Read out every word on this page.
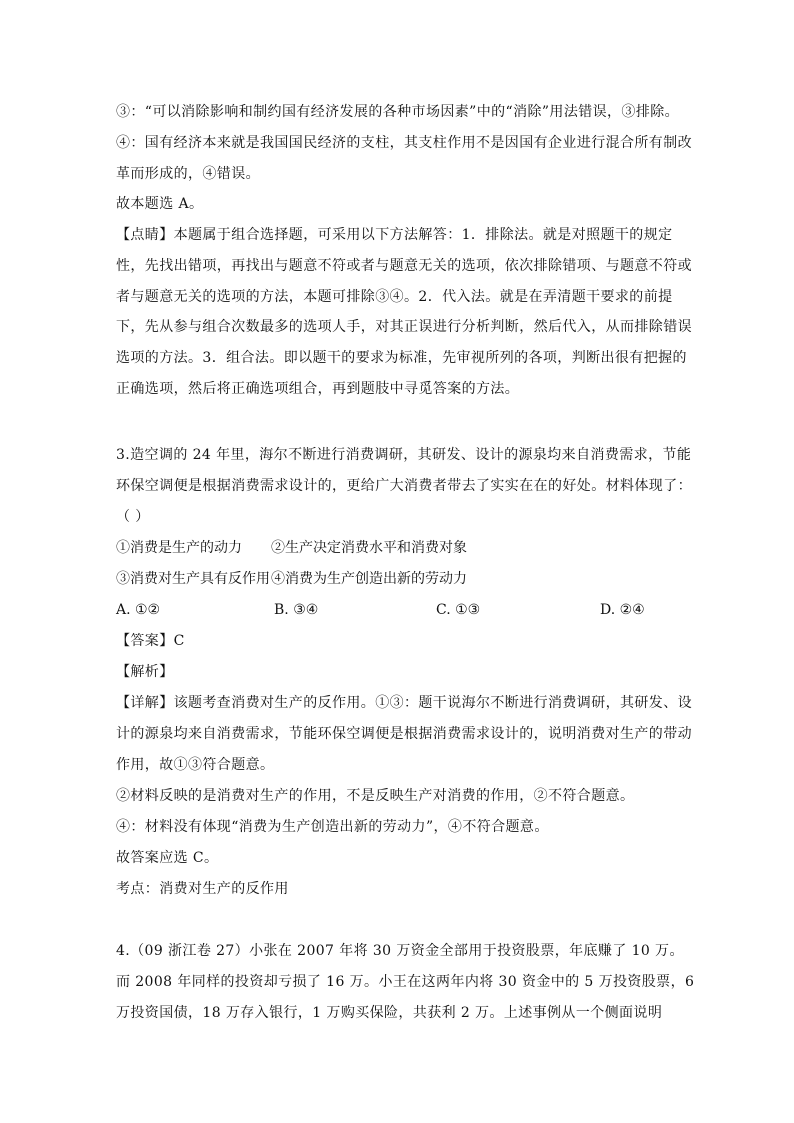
③：“可以消除影响和制约国有经济发展的各种市场因素”中的“消除”用法错误，③排除。
④：国有经济本来就是我国国民经济的支柱，其支柱作用不是因国有企业进行混合所有制改革而形成的，④错误。
故本题选 A。
【点睛】本题属于组合选择题，可采用以下方法解答：1．排除法。就是对照题干的规定性，先找出错项，再找出与题意不符或者与题意无关的选项，依次排除错项、与题意不符或者与题意无关的选项的方法，本题可排除③④。2．代入法。就是在弄清题干要求的前提下，先从参与组合次数最多的选项人手，对其正误进行分析判断，然后代入，从而排除错误选项的方法。3．组合法。即以题干的要求为标准，先审视所列的各项，判断出很有把握的正确选项，然后将正确选项组合，再到题肢中寻觅答案的方法。
3.造空调的 24 年里，海尔不断进行消费调研，其研发、设计的源泉均来自消费需求，节能环保空调便是根据消费需求设计的，更给广大消费者带去了实实在在的好处。材料体现了：
（ ）
①消费是生产的动力 ②生产决定消费水平和消费对象
③消费对生产具有反作用 ④消费为生产创造出新的劳动力
A. ①②	B. ③④	C. ①③	D. ②④
【答案】C
【解析】
【详解】该题考查消费对生产的反作用。①③：题干说海尔不断进行消费调研，其研发、设计的源泉均来自消费需求，节能环保空调便是根据消费需求设计的，说明消费对生产的带动作用，故①③符合题意。
②材料反映的是消费对生产的作用，不是反映生产对消费的作用，②不符合题意。
④：材料没有体现“消费为生产创造出新的劳动力”，④不符合题意。
故答案应选 C。
考点：消费对生产的反作用
4.（09 浙江卷 27）小张在 2007 年将 30 万资金全部用于投资股票，年底赚了 10 万。而 2008 年同样的投资却亏损了 16 万。小王在这两年内将 30 资金中的 5 万投资股票，6 万投资国债，18 万存入银行，1 万购买保险，共获利 2 万。上述事例从一个侧面说明
